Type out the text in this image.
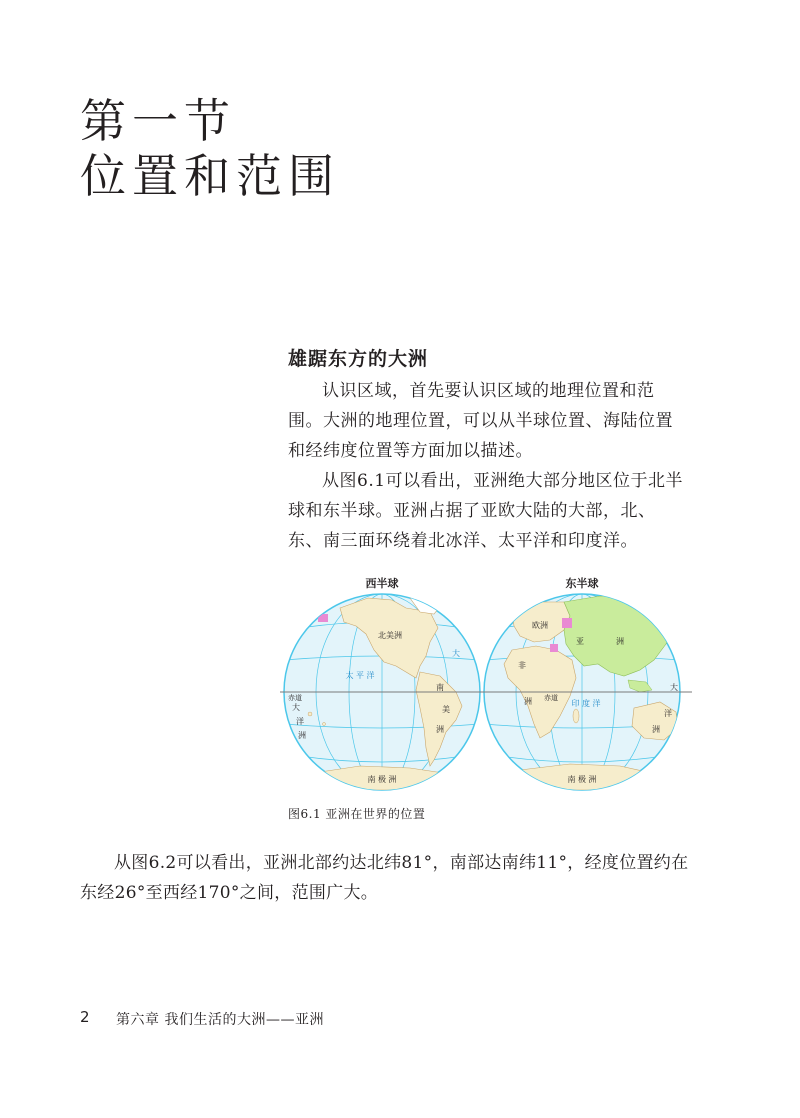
第一节
位置和范围
雄踞东方的大洲

认识区域，首先要认识区域的地理位置和范围。大洲的地理位置，可以从半球位置、海陆位置和经纬度位置等方面加以描述。

从图6.1可以看出，亚洲绝大部分地区位于北半球和东半球。亚洲占据了亚欧大陆的大部，北、东、南三面环绕着北冰洋、太平洋和印度洋。

西半球	东半球
北美洲
南
美
洲
南 极 洲
太 平 洋
大
大
洋
洲
欧洲
亚	洲
非
洲
大
洋
洲
印 度 洋
南 极 洲
赤道	赤道
图6.1 亚洲在世界的位置

从图6.2可以看出，亚洲北部约达北纬81°，南部达南纬11°，经度位置约在东经26°至西经170°之间，范围广大。

2 第六章 我们生活的大洲——亚洲
